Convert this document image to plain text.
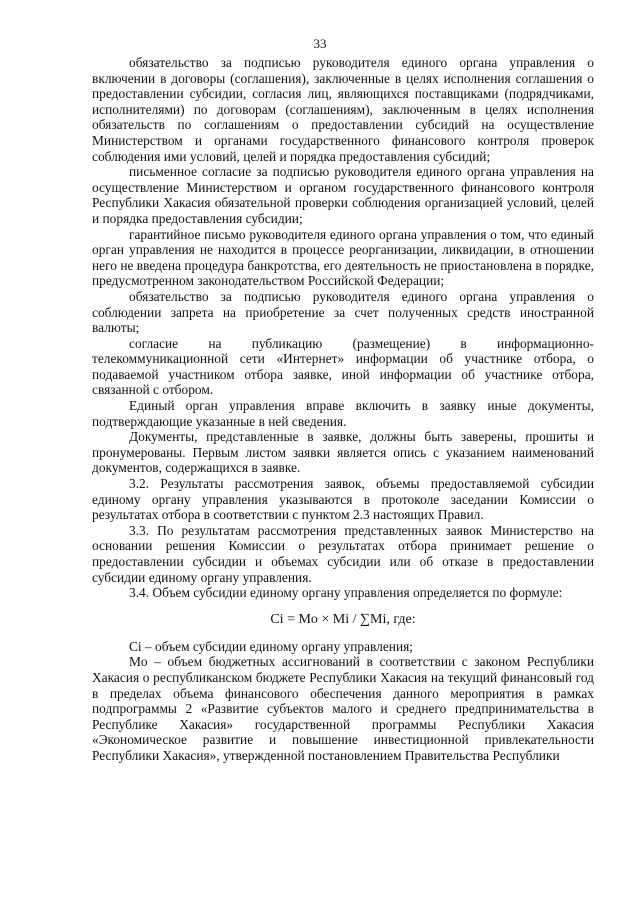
33

обязательство за подписью руководителя единого органа управления о включении в договоры (соглашения), заключенные в целях исполнения соглашения о предоставлении субсидии, согласия лиц, являющихся поставщиками (подрядчиками, исполнителями) по договорам (соглашениям), заключенным в целях исполнения обязательств по соглашениям о предоставлении субсидий на осуществление Министерством и органами государственного финансового контроля проверок соблюдения ими условий, целей и порядка предоставления субсидий;

письменное согласие за подписью руководителя единого органа управления на осуществление Министерством и органом государственного финансового контроля Республики Хакасия обязательной проверки соблюдения организацией условий, целей и порядка предоставления субсидии;

гарантийное письмо руководителя единого органа управления о том, что единый орган управления не находится в процессе реорганизации, ликвидации, в отношении него не введена процедура банкротства, его деятельность не приостановлена в порядке, предусмотренном законодательством Российской Федерации;

обязательство за подписью руководителя единого органа управления о соблюдении запрета на приобретение за счет полученных средств иностранной валюты;

согласие на публикацию (размещение) в информационно-телекоммуникационной сети «Интернет» информации об участнике отбора, о подаваемой участником отбора заявке, иной информации об участнике отбора, связанной с отбором.

Единый орган управления вправе включить в заявку иные документы, подтверждающие указанные в ней сведения.

Документы, представленные в заявке, должны быть заверены, прошиты и пронумерованы. Первым листом заявки является опись с указанием наименований документов, содержащихся в заявке.

3.2. Результаты рассмотрения заявок, объемы предоставляемой субсидии единому органу управления указываются в протоколе заседании Комиссии о результатах отбора в соответствии с пунктом 2.3 настоящих Правил.

3.3. По результатам рассмотрения представленных заявок Министерство на основании решения Комиссии о результатах отбора принимает решение о предоставлении субсидии и объемах субсидии или об отказе в предоставлении субсидии единому органу управления.

3.4. Объем субсидии единому органу управления определяется по формуле:

Ci = Mo × Mi / ∑Mi, где:

Ci – объем субсидии единому органу управления;

Mo – объем бюджетных ассигнований в соответствии с законом Республики Хакасия о республиканском бюджете Республики Хакасия на текущий финансовый год в пределах объема финансового обеспечения данного мероприятия в рамках подпрограммы 2 «Развитие субъектов малого и среднего предпринимательства в Республике Хакасия» государственной программы Республики Хакасия «Экономическое развитие и повышение инвестиционной привлекательности Республики Хакасия», утвержденной постановлением Правительства Республики
